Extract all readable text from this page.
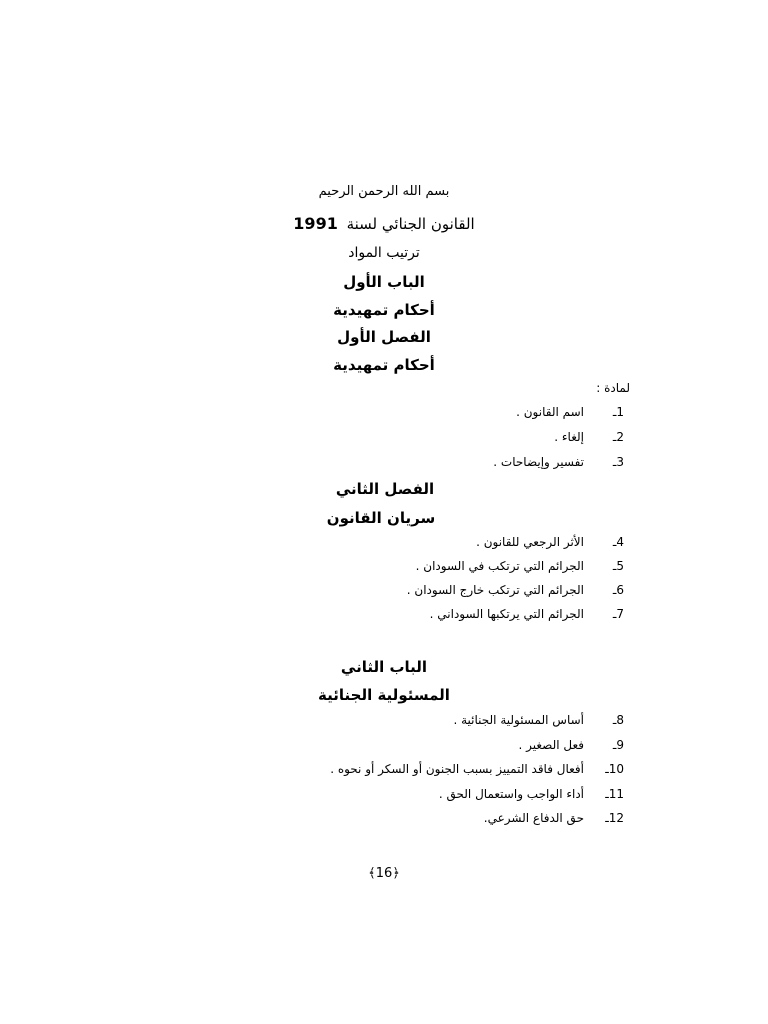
بسم الله الرحمن الرحيم
القانون الجنائي لسنة 1991
ترتيب المواد
الباب الأول
أحكام تمهيدية
الفصل الأول
أحكام تمهيدية
لمادة :
1ـ
اسم القانون .
2ـ
إلغاء .
3ـ
تفسير وإيضاحات .
الفصل الثاني
سريان القانون
4ـ
الأثر الرجعي للقانون .
5ـ
الجرائم التي ترتكب في السودان .
6ـ
الجرائم التي ترتكب خارج السودان .
7ـ
الجرائم التي يرتكبها السوداني .
الباب الثاني
المسئولية الجنائية
8ـ
أساس المسئولية الجنائية .
9ـ
فعل الصغير .
10ـ
أفعال فاقد التمييز بسبب الجنون أو السكر أو نحوه .
11ـ
أداء الواجب واستعمال الحق .
12ـ
حق الدفاع الشرعي.
﴾16﴿
